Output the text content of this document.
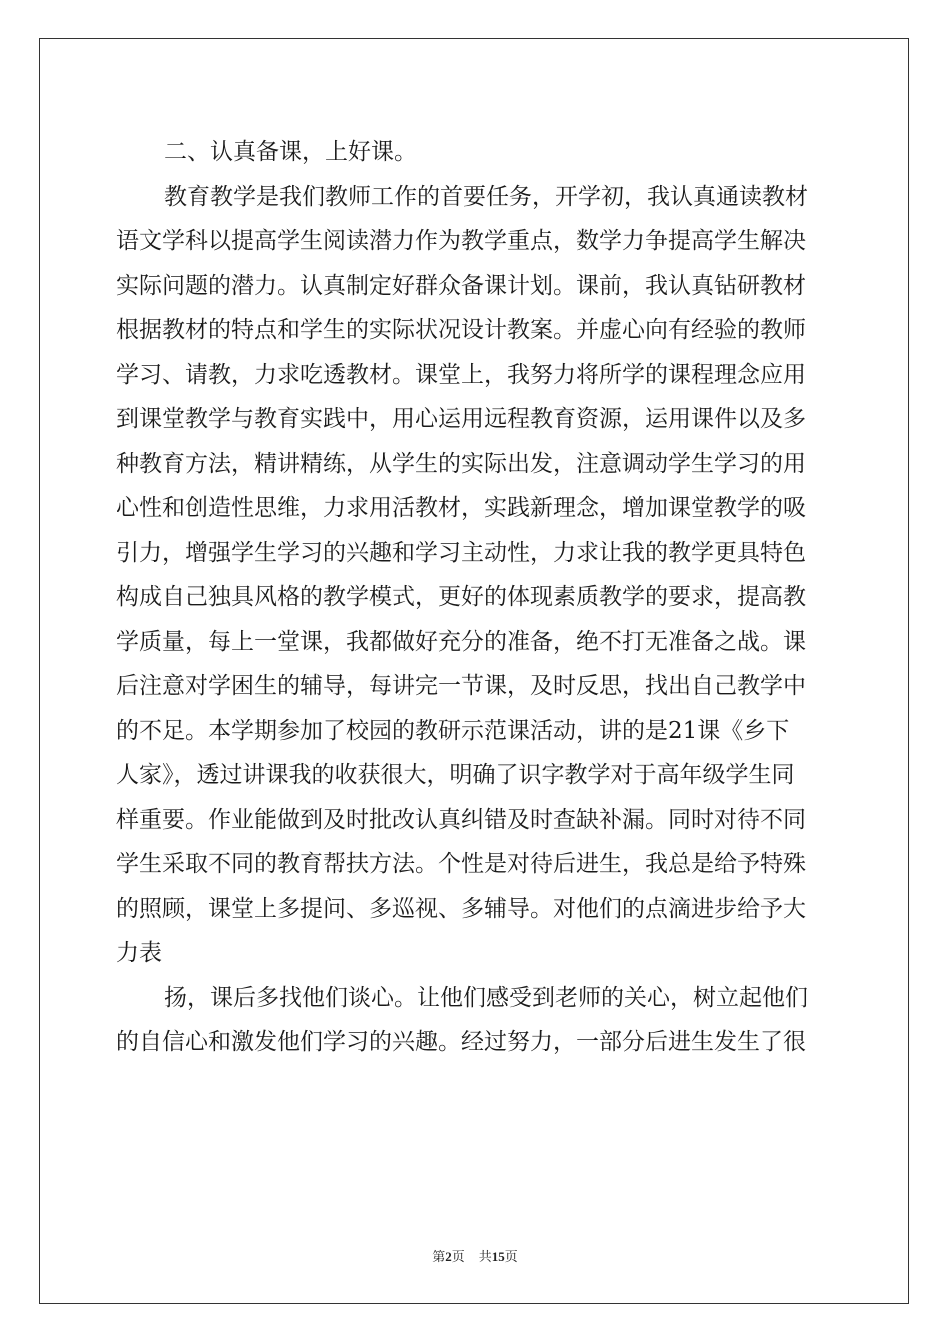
二、认真备课，上好课。
教育教学是我们教师工作的首要任务，开学初，我认真通读教材
语文学科以提高学生阅读潜力作为教学重点，数学力争提高学生解决
实际问题的潜力。认真制定好群众备课计划。课前，我认真钻研教材
根据教材的特点和学生的实际状况设计教案。并虚心向有经验的教师
学习、请教，力求吃透教材。课堂上，我努力将所学的课程理念应用
到课堂教学与教育实践中，用心运用远程教育资源，运用课件以及多
种教育方法，精讲精练，从学生的实际出发，注意调动学生学习的用
心性和创造性思维，力求用活教材，实践新理念，增加课堂教学的吸
引力，增强学生学习的兴趣和学习主动性，力求让我的教学更具特色
构成自己独具风格的教学模式，更好的体现素质教学的要求，提高教
学质量，每上一堂课，我都做好充分的准备，绝不打无准备之战。课
后注意对学困生的辅导，每讲完一节课，及时反思，找出自己教学中
的不足。本学期参加了校园的教研示范课活动，讲的是21课《乡下
人家》，透过讲课我的收获很大，明确了识字教学对于高年级学生同
样重要。作业能做到及时批改认真纠错及时查缺补漏。同时对待不同
学生采取不同的教育帮扶方法。个性是对待后进生，我总是给予特殊
的照顾，课堂上多提问、多巡视、多辅导。对他们的点滴进步给予大
力表
扬，课后多找他们谈心。让他们感受到老师的关心，树立起他们
的自信心和激发他们学习的兴趣。经过努力，一部分后进生发生了很
第2页 共15页
